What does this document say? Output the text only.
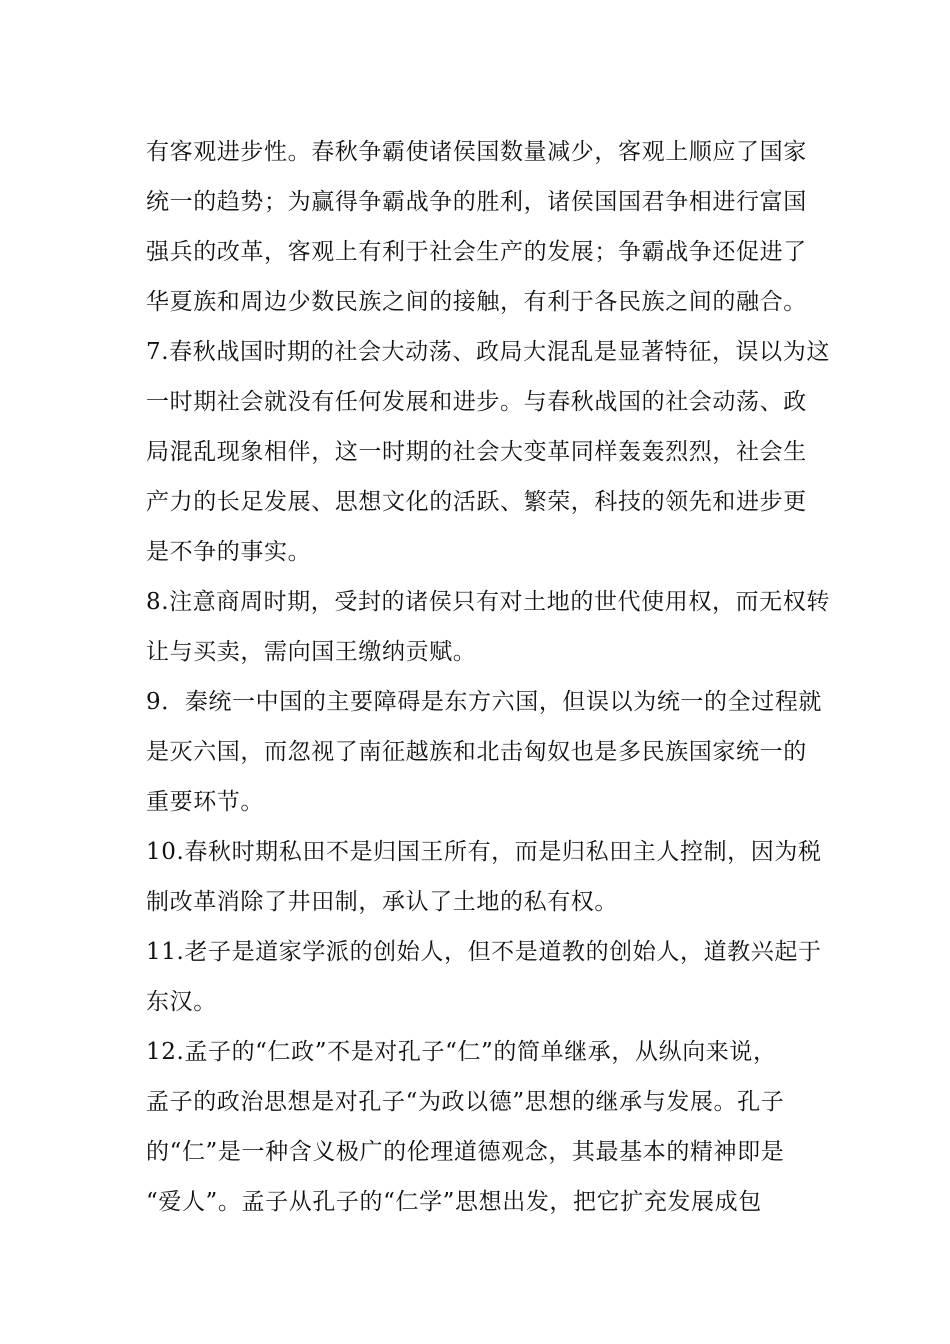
有客观进步性。春秋争霸使诸侯国数量减少，客观上顺应了国家
统一的趋势；为赢得争霸战争的胜利，诸侯国国君争相进行富国
强兵的改革，客观上有利于社会生产的发展；争霸战争还促进了
华夏族和周边少数民族之间的接触，有利于各民族之间的融合。
7.春秋战国时期的社会大动荡、政局大混乱是显著特征，误以为这
一时期社会就没有任何发展和进步。与春秋战国的社会动荡、政
局混乱现象相伴，这一时期的社会大变革同样轰轰烈烈，社会生
产力的长足发展、思想文化的活跃、繁荣，科技的领先和进步更
是不争的事实。
8.注意商周时期，受封的诸侯只有对土地的世代使用权，而无权转
让与买卖，需向国王缴纳贡赋。
9．秦统一中国的主要障碍是东方六国，但误以为统一的全过程就
是灭六国，而忽视了南征越族和北击匈奴也是多民族国家统一的
重要环节。
10.春秋时期私田不是归国王所有，而是归私田主人控制，因为税
制改革消除了井田制，承认了土地的私有权。
11.老子是道家学派的创始人，但不是道教的创始人，道教兴起于
东汉。
12.孟子的“仁政”不是对孔子“仁”的简单继承，从纵向来说，
孟子的政治思想是对孔子“为政以德”思想的继承与发展。孔子
的“仁”是一种含义极广的伦理道德观念，其最基本的精神即是
“爱人”。孟子从孔子的“仁学”思想出发，把它扩充发展成包
